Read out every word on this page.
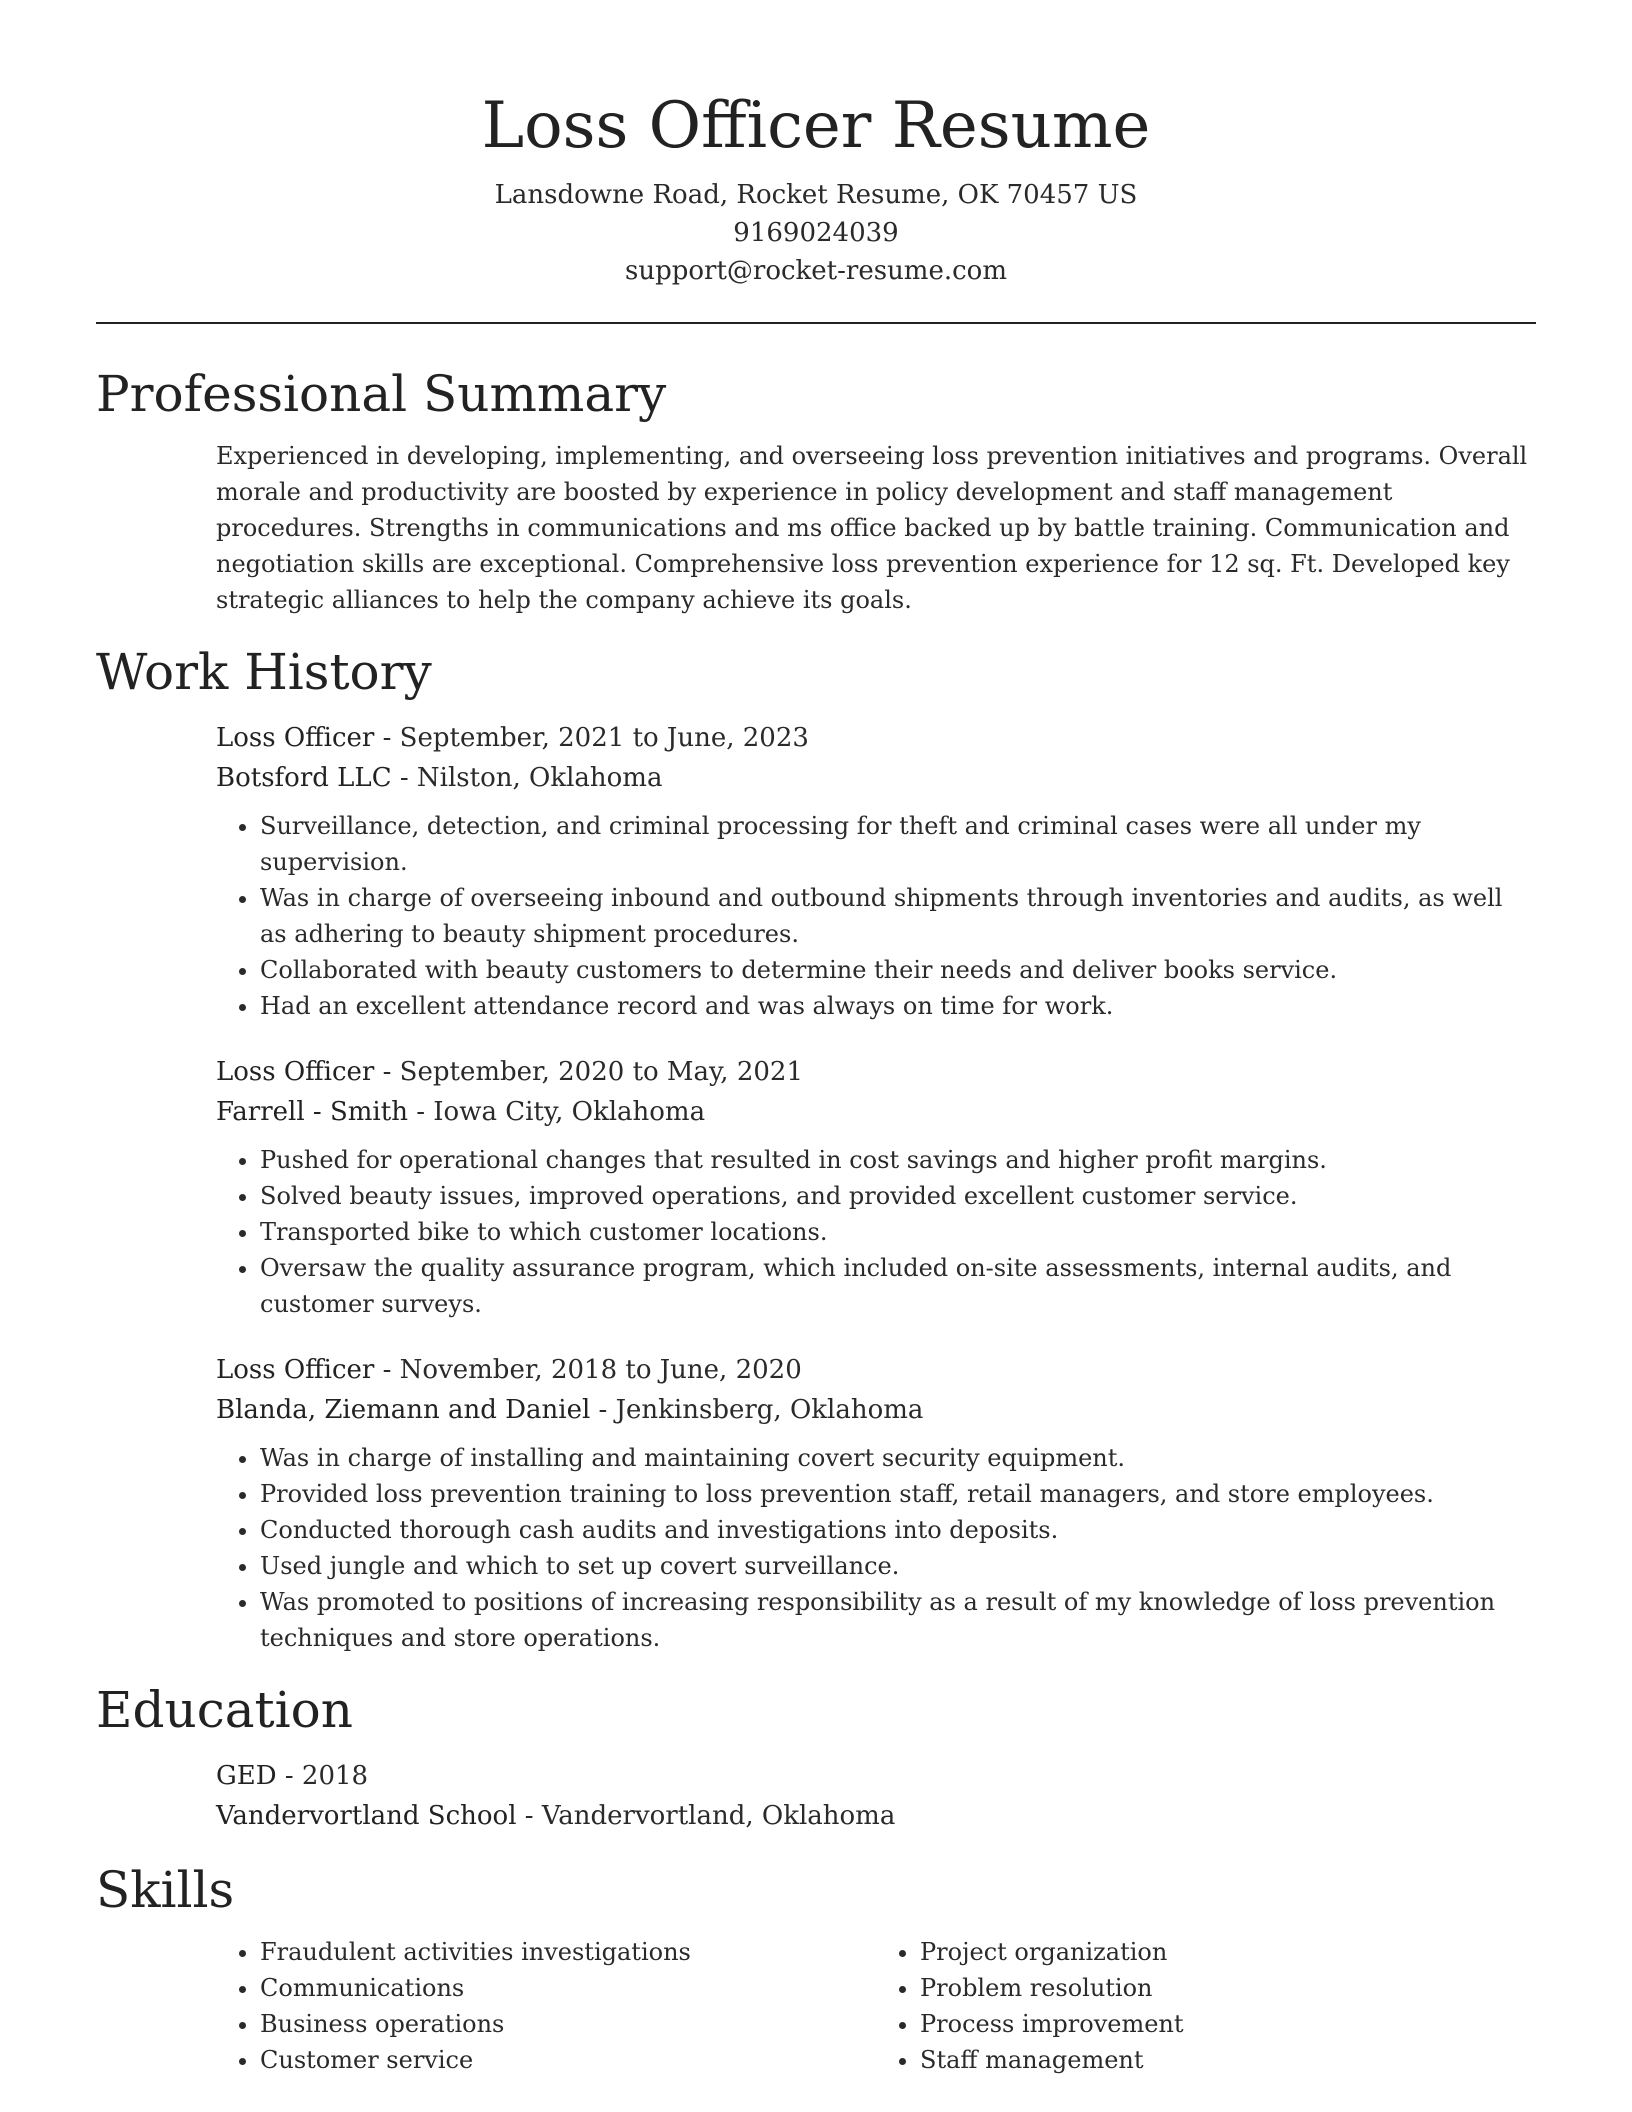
Loss Officer Resume
Lansdowne Road, Rocket Resume, OK 70457 US
9169024039
support@rocket-resume.com
Professional Summary

Experienced in developing, implementing, and overseeing loss prevention initiatives and programs. Overall morale and productivity are boosted by experience in policy development and staff management procedures. Strengths in communications and ms office backed up by battle training. Communication and negotiation skills are exceptional. Comprehensive loss prevention experience for 12 sq. Ft. Developed key strategic alliances to help the company achieve its goals.

Work History
Loss Officer - September, 2021 to June, 2023
Botsford LLC - Nilston, Oklahoma
• Surveillance, detection, and criminal processing for theft and criminal cases were all under my supervision.
• Was in charge of overseeing inbound and outbound shipments through inventories and audits, as well as adhering to beauty shipment procedures.
• Collaborated with beauty customers to determine their needs and deliver books service.
• Had an excellent attendance record and was always on time for work.
Loss Officer - September, 2020 to May, 2021
Farrell - Smith - Iowa City, Oklahoma
• Pushed for operational changes that resulted in cost savings and higher profit margins.
• Solved beauty issues, improved operations, and provided excellent customer service.
• Transported bike to which customer locations.
• Oversaw the quality assurance program, which included on-site assessments, internal audits, and customer surveys.
Loss Officer - November, 2018 to June, 2020
Blanda, Ziemann and Daniel - Jenkinsberg, Oklahoma
• Was in charge of installing and maintaining covert security equipment.
• Provided loss prevention training to loss prevention staff, retail managers, and store employees.
• Conducted thorough cash audits and investigations into deposits.
• Used jungle and which to set up covert surveillance.
• Was promoted to positions of increasing responsibility as a result of my knowledge of loss prevention techniques and store operations.
Education
GED - 2018
Vandervortland School - Vandervortland, Oklahoma
Skills
• Fraudulent activities investigations
• Communications
• Business operations
• Customer service
• Project organization
• Problem resolution
• Process improvement
• Staff management
